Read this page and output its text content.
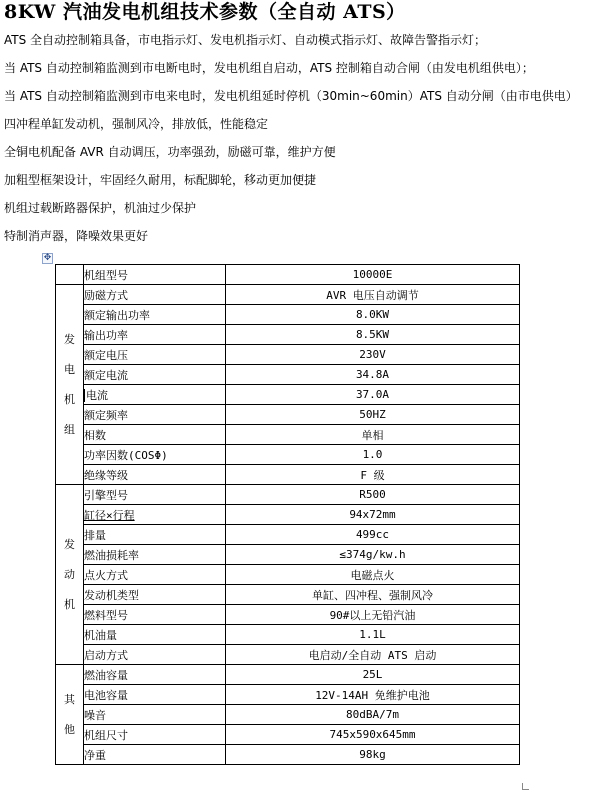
8KW 汽油发电机组技术参数（全自动 ATS）

ATS 全自动控制箱具备，市电指示灯、发电机指示灯、自动模式指示灯、故障告警指示灯；

当 ATS 自动控制箱监测到市电断电时，发电机组自启动，ATS 控制箱自动合闸（由发电机组供电）；

当 ATS 自动控制箱监测到市电来电时，发电机组延时停机（30min~60min）ATS 自动分闸（由市电供电）

四冲程单缸发动机，强制风冷，排放低，性能稳定

全铜电机配备 AVR 自动调压，功率强劲，励磁可靠，维护方便

加粗型框架设计，牢固经久耐用，标配脚轮，移动更加便捷

机组过载断路器保护，机油过少保护

特制消声器，降噪效果更好

✥
	机组型号	10000E
发电机组	励磁方式	AVR 电压自动调节
	额定输出功率	8.0KW
	输出功率	8.5KW
	额定电压	230V
	额定电流	34.8A
	电流	37.0A
	额定频率	50HZ
	相数	单相
	功率因数(COSΦ)	1.0
	绝缘等级	F 级
发动机	引擎型号	R500
	缸径×行程	94x72mm
	排量	499cc
	燃油损耗率	≤374g/kw.h
	点火方式	电磁点火
	发动机类型	单缸、四冲程、强制风冷
	燃料型号	90#以上无铅汽油
	机油量	1.1L
	启动方式	电启动/全自动 ATS 启动
其他	燃油容量	25L
	电池容量	12V-14AH 免维护电池
	噪音	80dBA/7m
	机组尺寸	745x590x645mm
	净重	98kg
